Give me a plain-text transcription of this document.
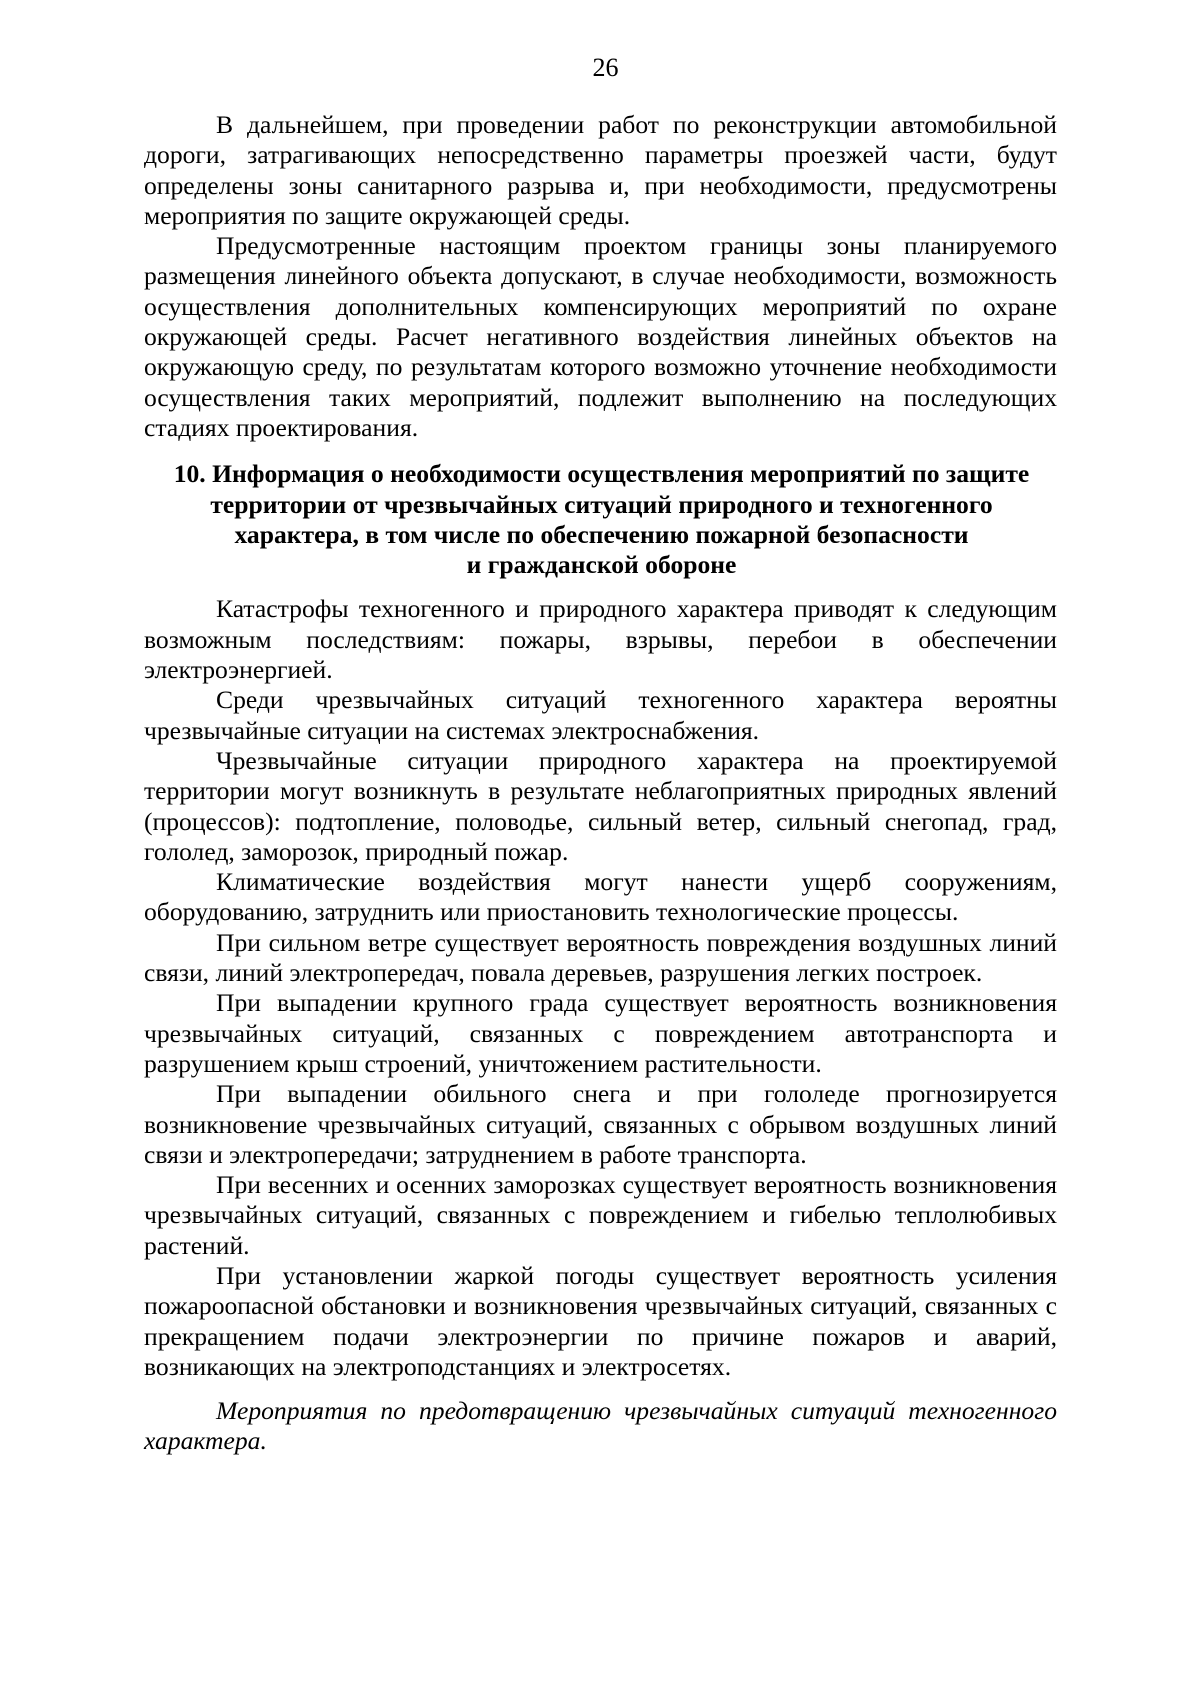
26

В дальнейшем, при проведении работ по реконструкции автомобильной дороги, затрагивающих непосредственно параметры проезжей части, будут определены зоны санитарного разрыва и, при необходимости, предусмотрены мероприятия по защите окружающей среды.

Предусмотренные настоящим проектом границы зоны планируемого размещения линейного объекта допускают, в случае необходимости, возможность осуществления дополнительных компенсирующих мероприятий по охране окружающей среды. Расчет негативного воздействия линейных объектов на окружающую среду, по результатам которого возможно уточнение необходимости осуществления таких мероприятий, подлежит выполнению на последующих стадиях проектирования.

10. Информация о необходимости осуществления мероприятий по защите
территории от чрезвычайных ситуаций природного и техногенного
характера, в том числе по обеспечению пожарной безопасности
и гражданской обороне

Катастрофы техногенного и природного характера приводят к следующим возможным последствиям: пожары, взрывы, перебои в обеспечении электроэнергией.

Среди чрезвычайных ситуаций техногенного характера вероятны чрезвычайные ситуации на системах электроснабжения.

Чрезвычайные ситуации природного характера на проектируемой территории могут возникнуть в результате неблагоприятных природных явлений (процессов): подтопление, половодье, сильный ветер, сильный снегопад, град, гололед, заморозок, природный пожар.

Климатические воздействия могут нанести ущерб сооружениям, оборудованию, затруднить или приостановить технологические процессы.

При сильном ветре существует вероятность повреждения воздушных линий связи, линий электропередач, повала деревьев, разрушения легких построек.

При выпадении крупного града существует вероятность возникновения чрезвычайных ситуаций, связанных с повреждением автотранспорта и разрушением крыш строений, уничтожением растительности.

При выпадении обильного снега и при гололеде прогнозируется возникновение чрезвычайных ситуаций, связанных с обрывом воздушных линий связи и электропередачи; затруднением в работе транспорта.

При весенних и осенних заморозках существует вероятность возникновения чрезвычайных ситуаций, связанных с повреждением и гибелью теплолюбивых растений.

При установлении жаркой погоды существует вероятность усиления пожароопасной обстановки и возникновения чрезвычайных ситуаций, связанных с прекращением подачи электроэнергии по причине пожаров и аварий, возникающих на электроподстанциях и электросетях.

Мероприятия по предотвращению чрезвычайных ситуаций техногенного характера.
